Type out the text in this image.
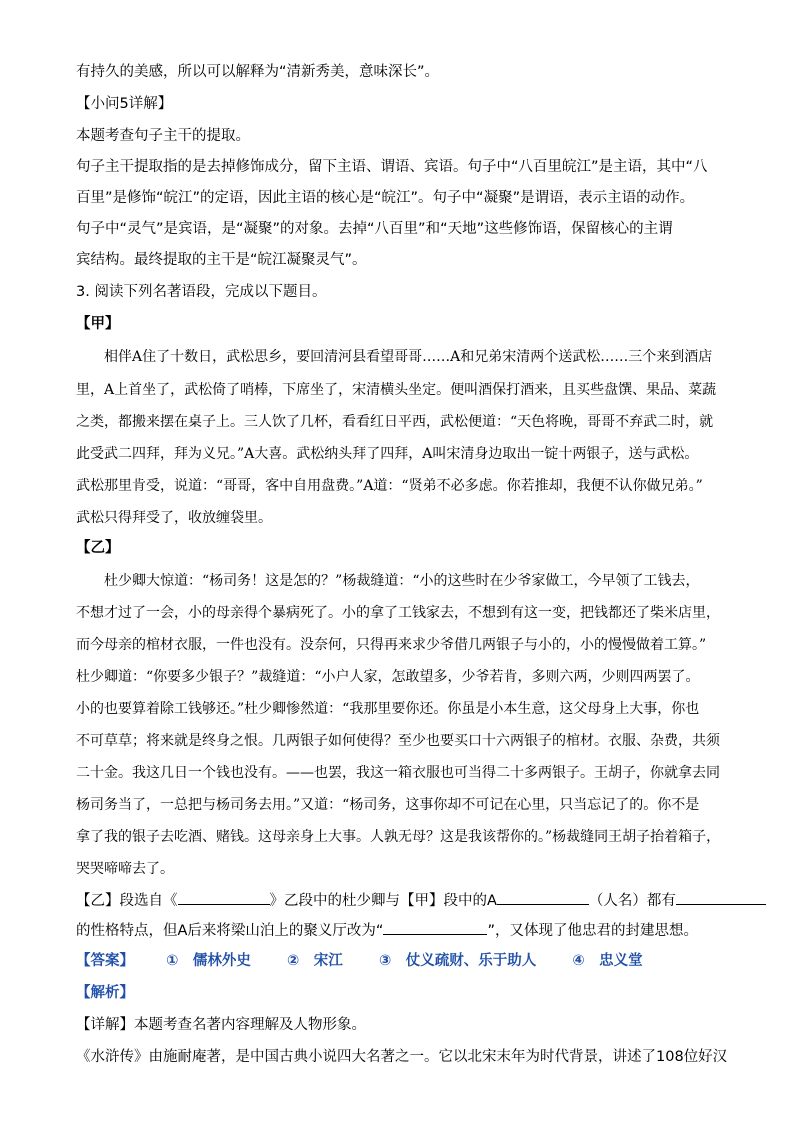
有持久的美感，所以可以解释为“清新秀美，意味深长”。
【小问5详解】
本题考查句子主干的提取。
句子主干提取指的是去掉修饰成分，留下主语、谓语、宾语。句子中“八百里皖江”是主语，其中“八
百里”是修饰“皖江”的定语，因此主语的核心是“皖江”。句子中“凝聚”是谓语，表示主语的动作。
句子中“灵气”是宾语，是“凝聚”的对象。去掉“八百里”和“天地”这些修饰语，保留核心的主谓
宾结构。最终提取的主干是“皖江凝聚灵气”。
3. 阅读下列名著语段，完成以下题目。
【甲】
相伴A住了十数日，武松思乡，要回清河县看望哥哥……A和兄弟宋清两个送武松……三个来到酒店
里，A上首坐了，武松倚了哨棒，下席坐了，宋清横头坐定。便叫酒保打酒来，且买些盘馔、果品、菜蔬
之类，都搬来摆在桌子上。三人饮了几杯，看看红日平西，武松便道：“天色将晚，哥哥不弃武二时，就
此受武二四拜，拜为义兄。”A大喜。武松纳头拜了四拜，A叫宋清身边取出一锭十两银子，送与武松。
武松那里肯受，说道：“哥哥，客中自用盘费。”A道：“贤弟不必多虑。你若推却，我便不认你做兄弟。”
武松只得拜受了，收放缠袋里。
【乙】
杜少卿大惊道：“杨司务！这是怎的？”杨裁缝道：“小的这些时在少爷家做工，今早领了工钱去，
不想才过了一会，小的母亲得个暴病死了。小的拿了工钱家去，不想到有这一变，把钱都还了柴米店里，
而今母亲的棺材衣服，一件也没有。没奈何，只得再来求少爷借几两银子与小的，小的慢慢做着工算。”
杜少卿道：“你要多少银子？”裁缝道：“小户人家，怎敢望多，少爷若肯，多则六两，少则四两罢了。
小的也要算着除工钱够还。”杜少卿惨然道：“我那里要你还。你虽是小本生意，这父母身上大事，你也
不可草草；将来就是终身之恨。几两银子如何使得？至少也要买口十六两银子的棺材。衣服、杂费，共须
二十金。我这几日一个钱也没有。——也罢，我这一箱衣服也可当得二十多两银子。王胡子，你就拿去同
杨司务当了，一总把与杨司务去用。”又道：“杨司务，这事你却不可记在心里，只当忘记了的。你不是
拿了我的银子去吃酒、赌钱。这母亲身上大事。人孰无母？这是我该帮你的。”杨裁缝同王胡子抬着箱子，
哭哭啼啼去了。
【乙】段选自《	》乙段中的杜少卿与【甲】段中的A	（人名）都有
的性格特点，但A后来将梁山泊上的聚义厅改为“	”，又体现了他忠君的封建思想。
【答案】 ①　儒林外史 ②　宋江 ③　仗义疏财、乐于助人 ④　忠义堂
【解析】
【详解】本题考查名著内容理解及人物形象。
《水浒传》由施耐庵著，是中国古典小说四大名著之一。它以北宋末年为时代背景，讲述了108位好汉
